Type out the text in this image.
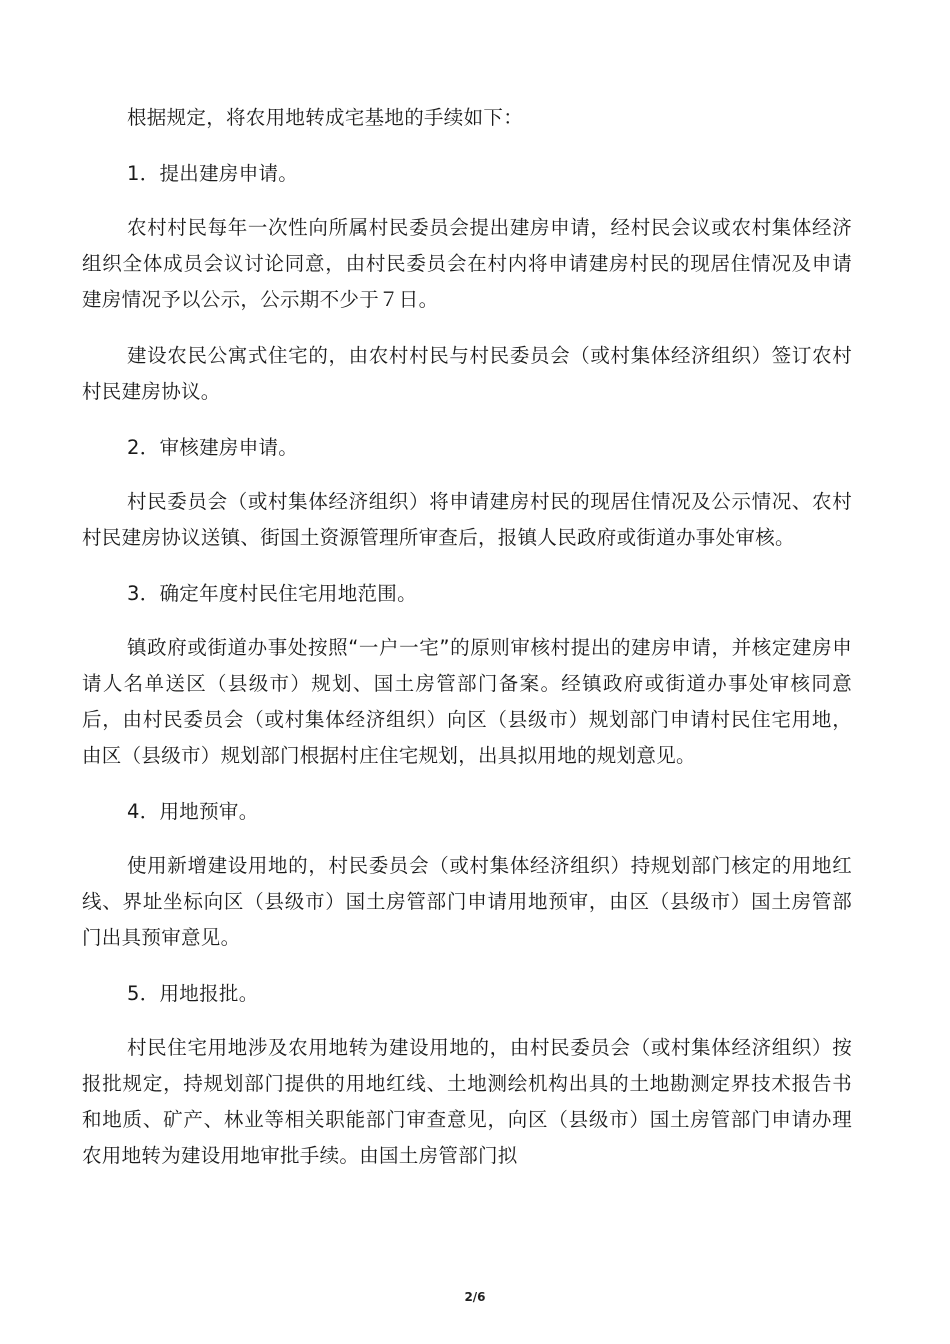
根据规定，将农用地转成宅基地的手续如下：

1．提出建房申请。

农村村民每年一次性向所属村民委员会提出建房申请，经村民会议或农村集体经济组织全体成员会议讨论同意，由村民委员会在村内将申请建房村民的现居住情况及申请建房情况予以公示，公示期不少于７日。

建设农民公寓式住宅的，由农村村民与村民委员会（或村集体经济组织）签订农村村民建房协议。

2．审核建房申请。

村民委员会（或村集体经济组织）将申请建房村民的现居住情况及公示情况、农村村民建房协议送镇、街国土资源管理所审查后，报镇人民政府或街道办事处审核。

3．确定年度村民住宅用地范围。

镇政府或街道办事处按照“一户一宅”的原则审核村提出的建房申请，并核定建房申请人名单送区（县级市）规划、国土房管部门备案。经镇政府或街道办事处审核同意后，由村民委员会（或村集体经济组织）向区（县级市）规划部门申请村民住宅用地，由区（县级市）规划部门根据村庄住宅规划，出具拟用地的规划意见。

4．用地预审。

使用新增建设用地的，村民委员会（或村集体经济组织）持规划部门核定的用地红线、界址坐标向区（县级市）国土房管部门申请用地预审，由区（县级市）国土房管部门出具预审意见。

5．用地报批。

村民住宅用地涉及农用地转为建设用地的，由村民委员会（或村集体经济组织）按报批规定，持规划部门提供的用地红线、土地测绘机构出具的土地勘测定界技术报告书和地质、矿产、林业等相关职能部门审查意见，向区（县级市）国土房管部门申请办理农用地转为建设用地审批手续。由国土房管部门拟

2/6
